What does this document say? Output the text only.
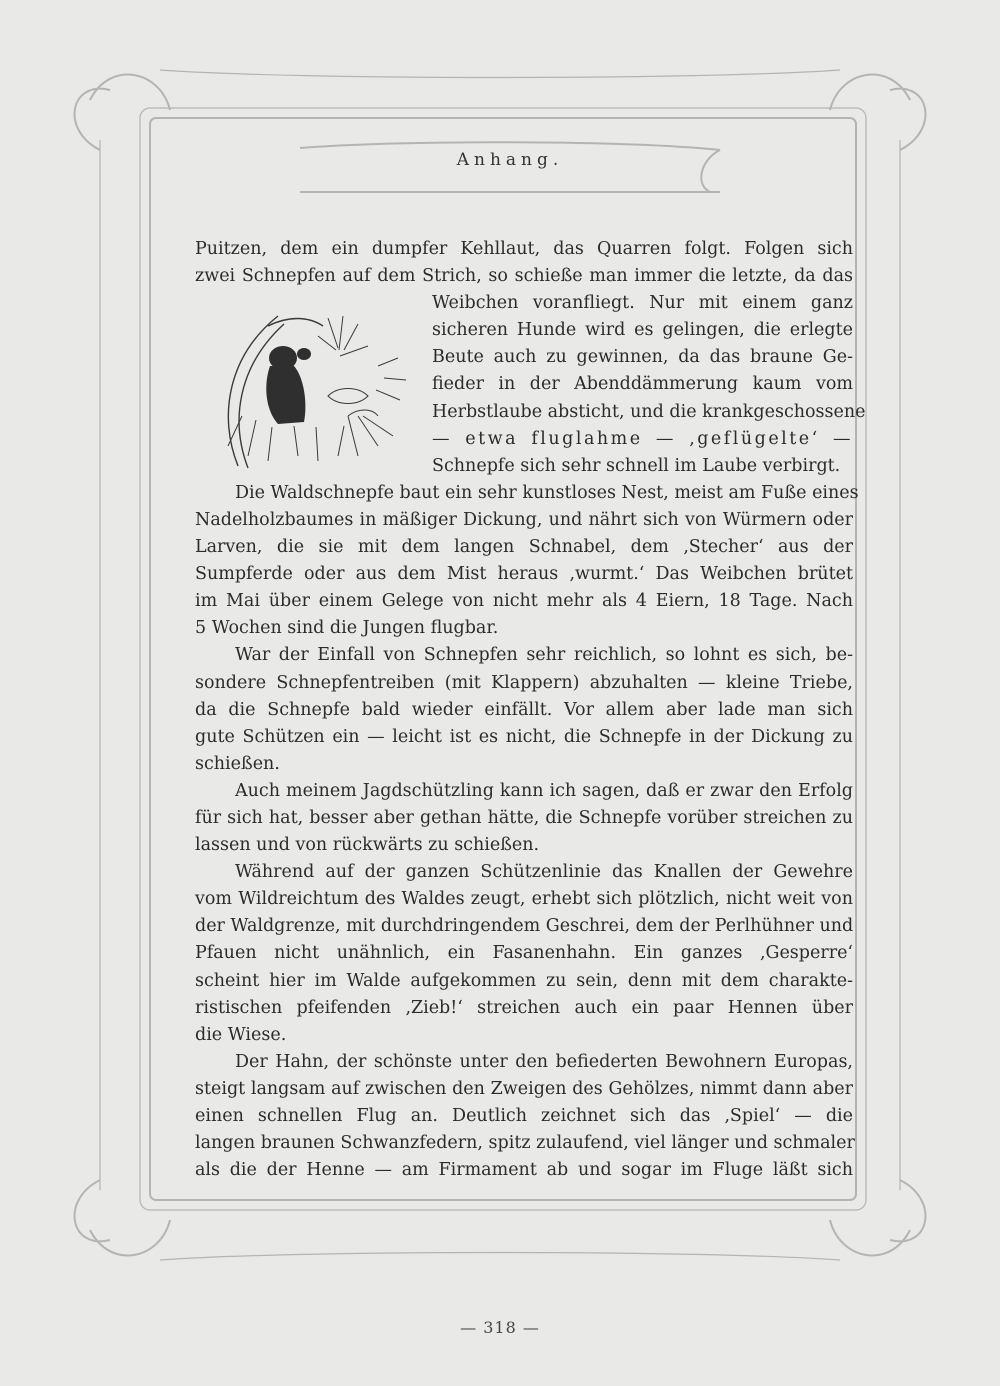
Anhang.
Puitzen, dem ein dumpfer Kehllaut, das Quarren folgt. Folgen sich
zwei Schnepfen auf dem Strich, so schieße man immer die letzte, da das
Weibchen voranfliegt. Nur mit einem ganz
sicheren Hunde wird es gelingen, die erlegte
Beute auch zu gewinnen, da das braune Ge-
fieder in der Abenddämmerung kaum vom
Herbstlaube absticht, und die krankgeschossene
— etwa fluglahme — ‚geflügelte‘ —
Schnepfe sich sehr schnell im Laube verbirgt.
Die Waldschnepfe baut ein sehr kunstloses Nest, meist am Fuße eines
Nadelholzbaumes in mäßiger Dickung, und nährt sich von Würmern oder
Larven, die sie mit dem langen Schnabel, dem ‚Stecher‘ aus der
Sumpferde oder aus dem Mist heraus ‚wurmt.‘ Das Weibchen brütet
im Mai über einem Gelege von nicht mehr als 4 Eiern, 18 Tage. Nach
5 Wochen sind die Jungen flugbar.
War der Einfall von Schnepfen sehr reichlich, so lohnt es sich, be-
sondere Schnepfentreiben (mit Klappern) abzuhalten — kleine Triebe,
da die Schnepfe bald wieder einfällt. Vor allem aber lade man sich
gute Schützen ein — leicht ist es nicht, die Schnepfe in der Dickung zu
schießen.
Auch meinem Jagdschützling kann ich sagen, daß er zwar den Erfolg
für sich hat, besser aber gethan hätte, die Schnepfe vorüber streichen zu
lassen und von rückwärts zu schießen.
Während auf der ganzen Schützenlinie das Knallen der Gewehre
vom Wildreichtum des Waldes zeugt, erhebt sich plötzlich, nicht weit von
der Waldgrenze, mit durchdringendem Geschrei, dem der Perlhühner und
Pfauen nicht unähnlich, ein Fasanenhahn. Ein ganzes ‚Gesperre‘
scheint hier im Walde aufgekommen zu sein, denn mit dem charakte-
ristischen pfeifenden ‚Zieb!‘ streichen auch ein paar Hennen über
die Wiese.
Der Hahn, der schönste unter den befiederten Bewohnern Europas,
steigt langsam auf zwischen den Zweigen des Gehölzes, nimmt dann aber
einen schnellen Flug an. Deutlich zeichnet sich das ‚Spiel‘ — die
langen braunen Schwanzfedern, spitz zulaufend, viel länger und schmaler
als die der Henne — am Firmament ab und sogar im Fluge läßt sich
— 318 —
